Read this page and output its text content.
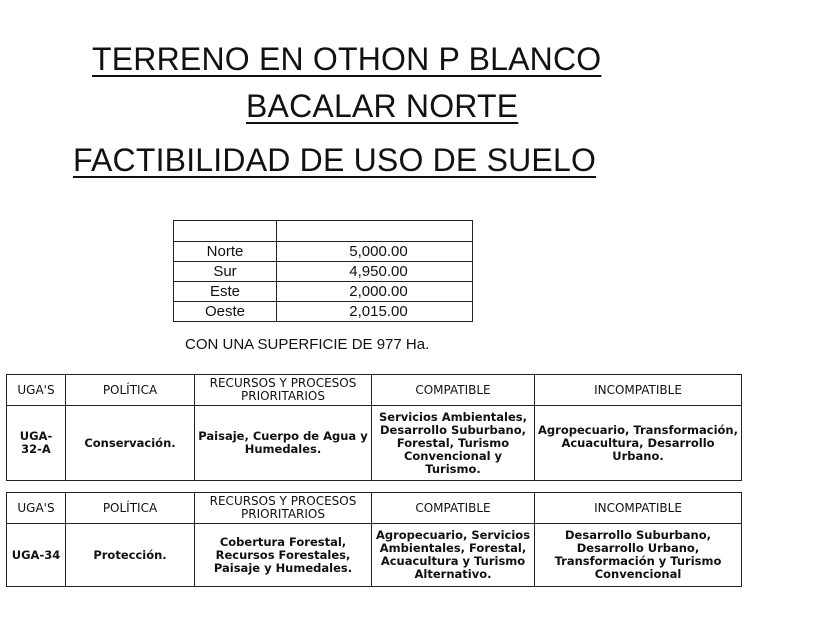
TERRENO EN OTHON P BLANCO
BACALAR NORTE
FACTIBILIDAD DE USO DE SUELO

Norte	5,000.00
Sur	4,950.00
Este	2,000.00
Oeste	2,015.00
CON UNA SUPERFICIE DE 977 Ha.
UGA'S	POLÍTICA	RECURSOS Y PROCESOS PRIORITARIOS	COMPATIBLE	INCOMPATIBLE
UGA-32-A	Conservación.	Paisaje, Cuerpo de Agua y Humedales.	Servicios Ambientales, Desarrollo Suburbano, Forestal, Turismo Convencional y Turismo.	Agropecuario, Transformación, Acuacultura, Desarrollo Urbano.
UGA'S	POLÍTICA	RECURSOS Y PROCESOS PRIORITARIOS	COMPATIBLE	INCOMPATIBLE
UGA-34	Protección.	Cobertura Forestal, Recursos Forestales, Paisaje y Humedales.	Agropecuario, Servicios Ambientales, Forestal, Acuacultura y Turismo Alternativo.	Desarrollo Suburbano, Desarrollo Urbano, Transformación y Turismo Convencional
